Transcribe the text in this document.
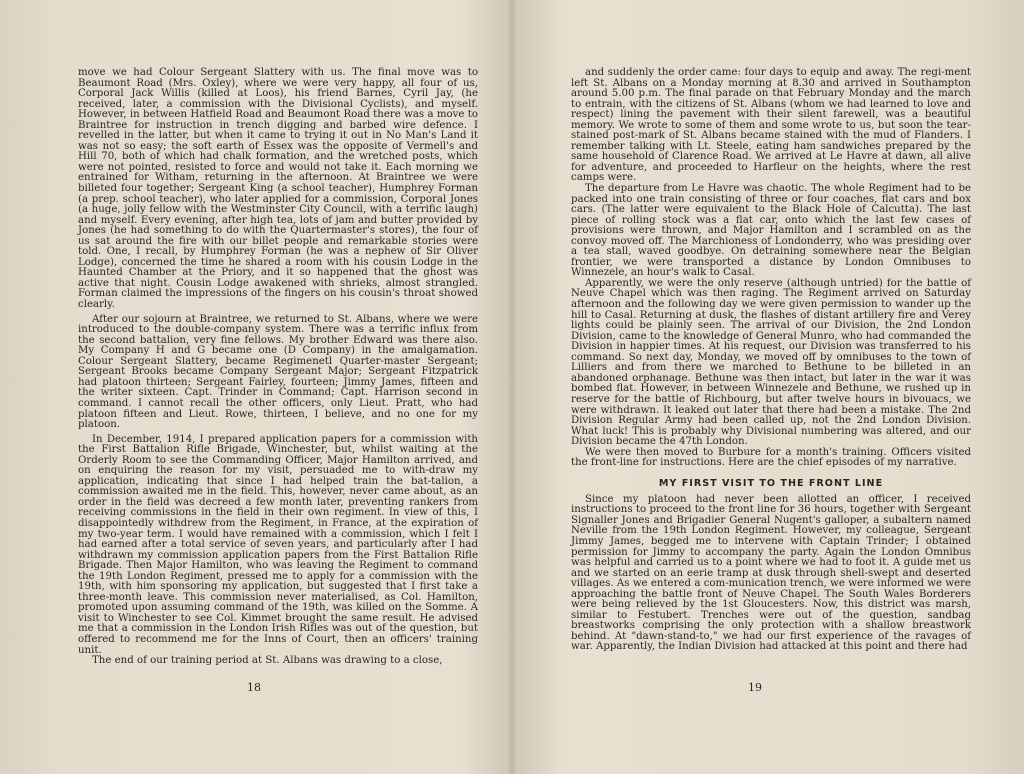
move we had Colour Sergeant Slattery with us. The final move was to Beaumont Road (Mrs. Oxley), where we were very happy, all four of us, Corporal Jack Willis (killed at Loos), his friend Barnes, Cyril Jay, (he received, later, a commission with the Divisional Cyclists), and myself. However, in between Hatfield Road and Beaumont Road there was a move to Braintree for instruction in trench digging and barbed wire defence. I revelled in the latter, but when it came to trying it out in No Man's Land it was not so easy; the soft earth of Essex was the opposite of Vermell's and Hill 70, both of which had chalk formation, and the wretched posts, which were not pointed, resisted to force and would not take it. Each morning we entrained for Witham, returning in the afternoon. At Braintree we were billeted four together; Sergeant King (a school teacher), Humphrey Forman (a prep. school teacher), who later applied for a commission, Corporal Jones (a huge, jolly fellow with the Westminster City Council, with a terrific laugh) and myself. Every evening, after high tea, lots of jam and butter provided by Jones (he had something to do with the Quartermaster's stores), the four of us sat around the fire with our billet people and remarkable stories were told. One, I recall, by Humphrey Forman (he was a nephew of Sir Oliver Lodge), concerned the time he shared a room with his cousin Lodge in the Haunted Chamber at the Priory, and it so happened that the ghost was active that night. Cousin Lodge awakened with shrieks, almost strangled. Forman claimed the impressions of the fingers on his cousin's throat showed clearly.

After our sojourn at Braintree, we returned to St. Albans, where we were introduced to the double-company system. There was a terrific influx from the second battalion, very fine fellows. My brother Edward was there also. My Company H and G became one (D Company) in the amalgamation. Colour Sergeant Slattery, became Regimenetl Quarter-master Sergeant; Sergeant Brooks became Company Sergeant Major; Sergeant Fitzpatrick had platoon thirteen; Sergeant Fairley, fourteen; Jimmy James, fifteen and the writer sixteen. Capt. Trinder in Command; Capt. Harrison second in command. I cannot recall the other officers, only Lieut. Pratt, who had platoon fifteen and Lieut. Rowe, thirteen, I believe, and no one for my platoon.

In December, 1914, I prepared application papers for a commission with the First Battalion Rifle Brigade, Winchester, but, whilst waiting at the Orderly Room to see the Commanding Officer, Major Hamilton arrived, and on enquiring the reason for my visit, persuaded me to with-draw my application, indicating that since I had helped train the bat-talion, a commission awaited me in the field. This, however, never came about, as an order in the field was decreed a few month later, preventing rankers from receiving commissions in the field in their own regiment. In view of this, I disappointedly withdrew from the Regiment, in France, at the expiration of my two-year term. I would have remained with a commission, which I felt I had earned after a total service of seven years, and particularly after I had withdrawn my commission application papers from the First Battalion Rifle Brigade. Then Major Hamilton, who was leaving the Regiment to command the 19th London Regiment, pressed me to apply for a commission with the 19th, with him sponsoring my application, but suggested that I first take a three-month leave. This commission never materialised, as Col. Hamilton, promoted upon assuming command of the 19th, was killed on the Somme. A visit to Winchester to see Col. Kimmet brought the same result. He advised me that a commission in the London Irish Rifles was out of the question, but offered to recommend me for the Inns of Court, then an officers' training unit.

The end of our training period at St. Albans was drawing to a close,

18

and suddenly the order came: four days to equip and away. The regi-ment left St. Albans on a Monday morning at 8.30 and arrived in Southampton around 5.00 p.m. The final parade on that February Monday and the march to entrain, with the citizens of St. Albans (whom we had learned to love and respect) lining the pavement with their silent farewell, was a beautiful memory. We wrote to some of them and some wrote to us, but soon the tear-stained post-mark of St. Albans became stained with the mud of Flanders. I remember talking with Lt. Steele, eating ham sandwiches prepared by the same household of Clarence Road. We arrived at Le Havre at dawn, all alive for adventure, and proceeded to Harfleur on the heights, where the rest camps were.

The departure from Le Havre was chaotic. The whole Regiment had to be packed into one train consisting of three or four coaches, flat cars and box cars. (The latter were equivalent to the Black Hole of Calcutta). The last piece of rolling stock was a flat car, onto which the last few cases of provisions were thrown, and Major Hamilton and I scrambled on as the convoy moved off. The Marchioness of Londonderry, who was presiding over a tea stall, waved goodbye. On detraining somewhere near the Belgian frontier, we were transported a distance by London Omnibuses to Winnezele, an hour's walk to Casal.

Apparently, we were the only reserve (although untried) for the battle of Neuve Chapel which was then raging. The Regiment arrived on Saturday afternoon and the following day we were given permission to wander up the hill to Casal. Returning at dusk, the flashes of distant artillery fire and Verey lights could be plainly seen. The arrival of our Division, the 2nd London Division, came to the knowledge of General Munro, who had commanded the Division in happier times. At his request, our Division was transferred to his command. So next day, Monday, we moved off by omnibuses to the town of Lilliers and from there we marched to Bethune to be billeted in an abandoned orphanage. Bethune was then intact, but later in the war it was bombed flat. However, in between Winnezele and Bethune, we rushed up in reserve for the battle of Richbourg, but after twelve hours in bivouacs, we were withdrawn. It leaked out later that there had been a mistake. The 2nd Division Regular Army had been called up, not the 2nd London Division. What luck! This is probably why Divisional numbering was altered, and our Division became the 47th London.

We were then moved to Burbure for a month's training. Officers visited the front-line for instructions. Here are the chief episodes of my narrative.

MY FIRST VISIT TO THE FRONT LINE

Since my platoon had never been allotted an officer, I received instructions to proceed to the front line for 36 hours, together with Sergeant Signaller Jones and Brigadier General Nugent's galloper, a subaltern named Neville from the 19th London Regiment. However, my colleague, Sergeant Jimmy James, begged me to intervene with Captain Trinder; I obtained permission for Jimmy to accompany the party. Again the London Omnibus was helpful and carried us to a point where we had to foot it. A guide met us and we started on an eerie tramp at dusk through shell-swept and deserted villages. As we entered a com-munication trench, we were informed we were approaching the battle front of Neuve Chapel. The South Wales Borderers were being relieved by the 1st Gloucesters. Now, this district was marsh, similar to Festubert. Trenches were out of the question, sandbag breastworks comprising the only protection with a shallow breastwork behind. At "dawn-stand-to," we had our first experience of the ravages of war. Apparently, the Indian Division had attacked at this point and there had

19
